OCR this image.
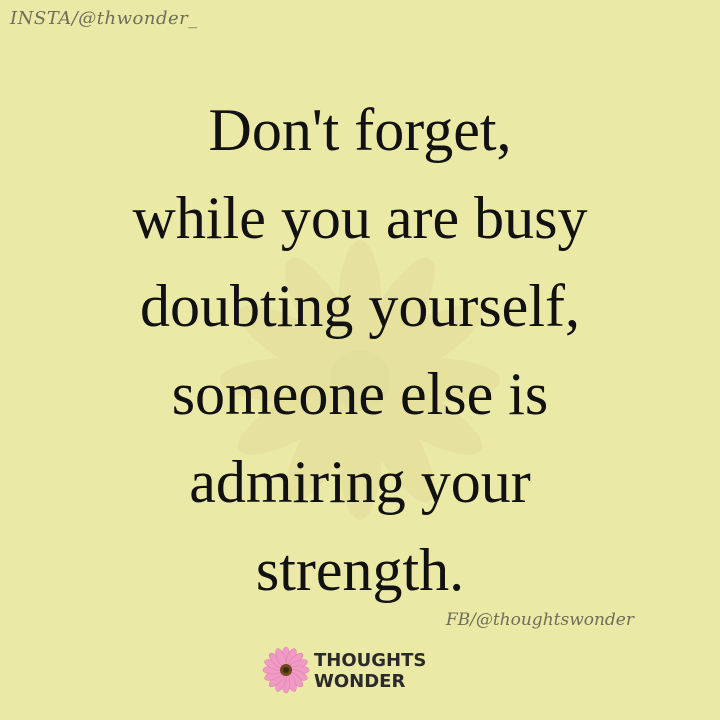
INSTA/@thwonder_
Don't forget,
while you are busy
doubting yourself,
someone else is
admiring your
strength.
FB/@thoughtswonder
THOUGHTS
WONDER
